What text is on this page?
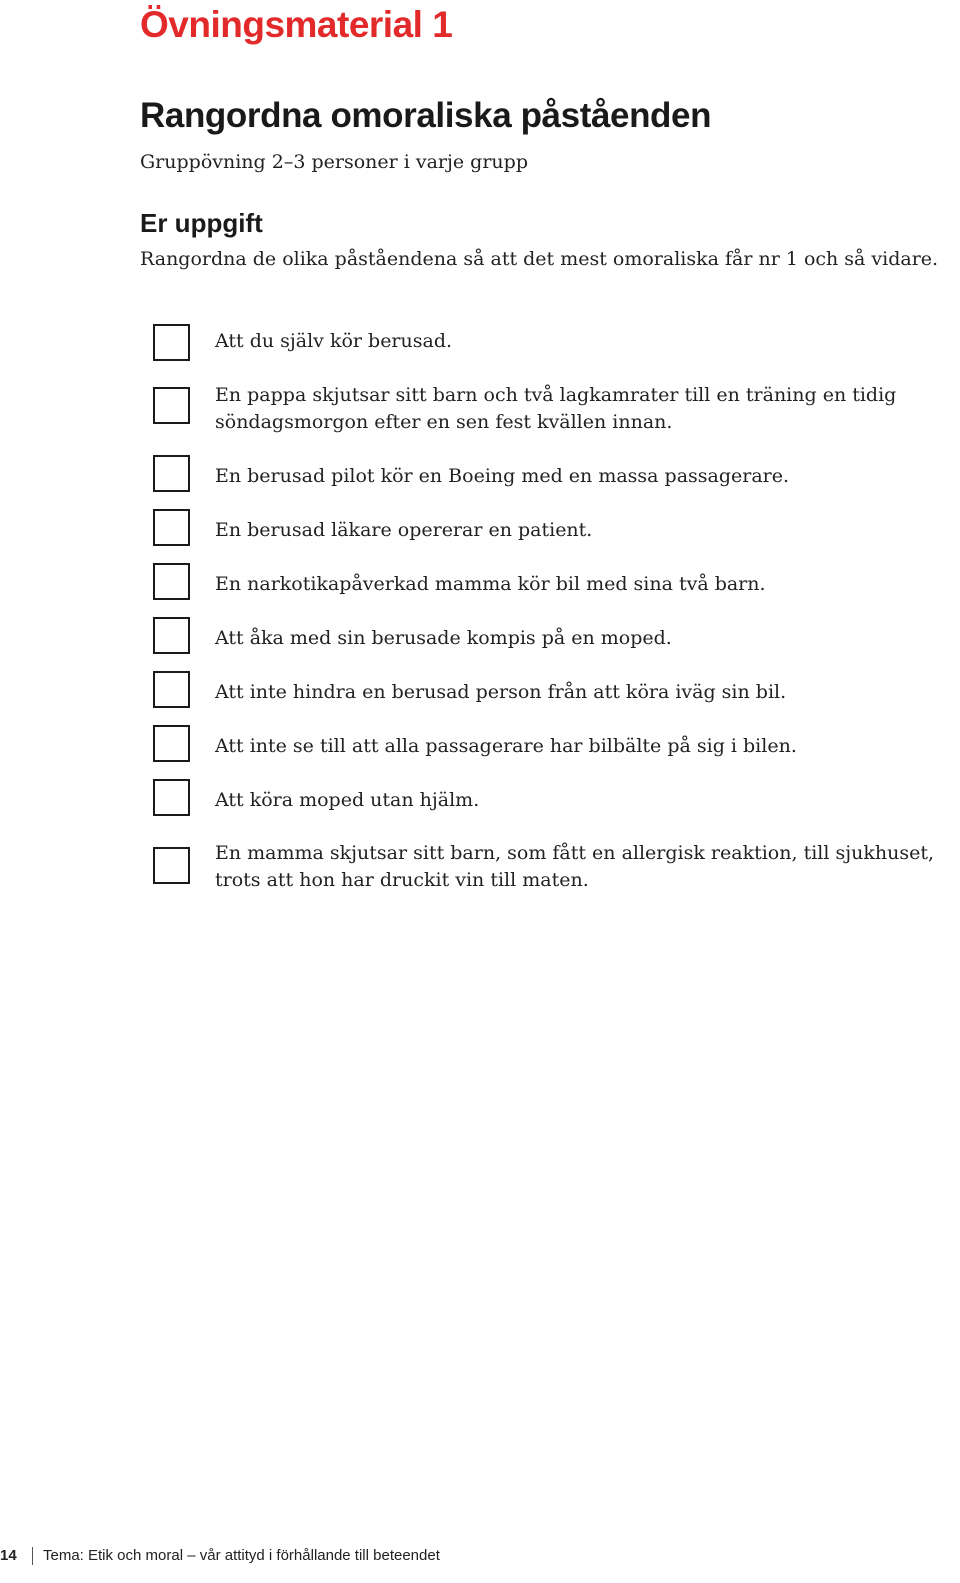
Övningsmaterial 1
Rangordna omoraliska påståenden

Gruppövning 2–3 personer i varje grupp

Er uppgift

Rangordna de olika påståendena så att det mest omoraliska får nr 1 och så vidare.

Att du själv kör berusad.
En pappa skjutsar sitt barn och två lagkamrater till en träning en tidig söndagsmorgon efter en sen fest kvällen innan.
En berusad pilot kör en Boeing med en massa passagerare.
En berusad läkare opererar en patient.
En narkotikapåverkad mamma kör bil med sina två barn.
Att åka med sin berusade kompis på en moped.
Att inte hindra en berusad person från att köra iväg sin bil.
Att inte se till att alla passagerare har bilbälte på sig i bilen.
Att köra moped utan hjälm.
En mamma skjutsar sitt barn, som fått en allergisk reaktion, till sjukhuset, trots att hon har druckit vin till maten.
14 Tema: Etik och moral – vår attityd i förhållande till beteendet
